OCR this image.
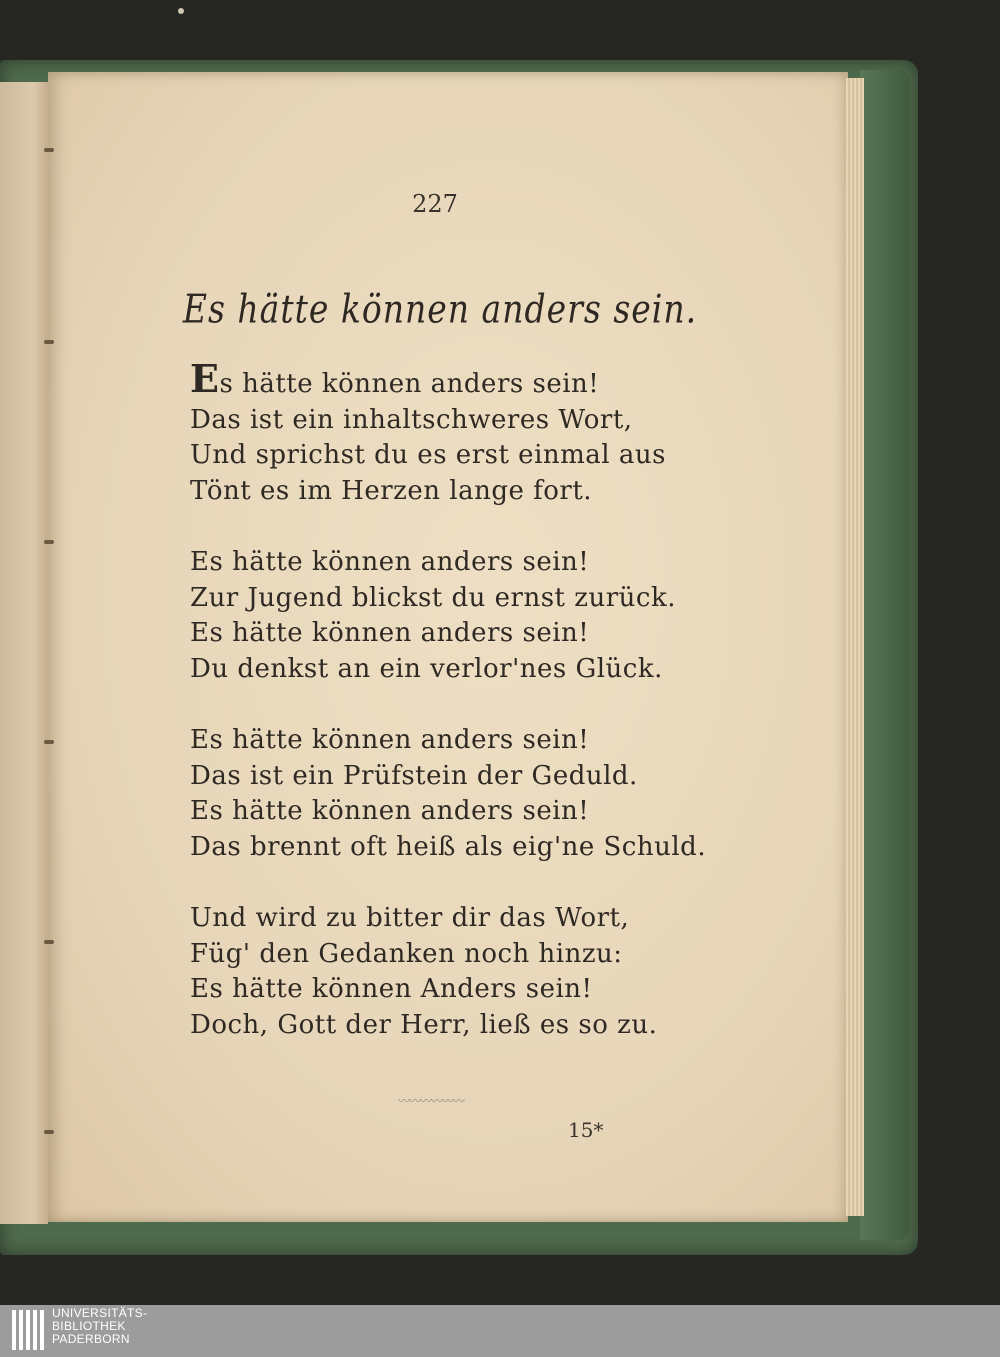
227
Es hätte können anders sein.
Es hätte können anders sein!
Das ist ein inhaltschweres Wort,
Und sprichst du es erst einmal aus
Tönt es im Herzen lange fort.
Es hätte können anders sein!
Zur Jugend blickst du ernst zurück.
Es hätte können anders sein!
Du denkst an ein verlor'nes Glück.
Es hätte können anders sein!
Das ist ein Prüfstein der Geduld.
Es hätte können anders sein!
Das brennt oft heiß als eig'ne Schuld.
Und wird zu bitter dir das Wort,
Füg' den Gedanken noch hinzu:
Es hätte können Anders sein!
Doch, Gott der Herr, ließ es so zu.
15*
UNIVERSITÄTS-
BIBLIOTHEK
PADERBORN
